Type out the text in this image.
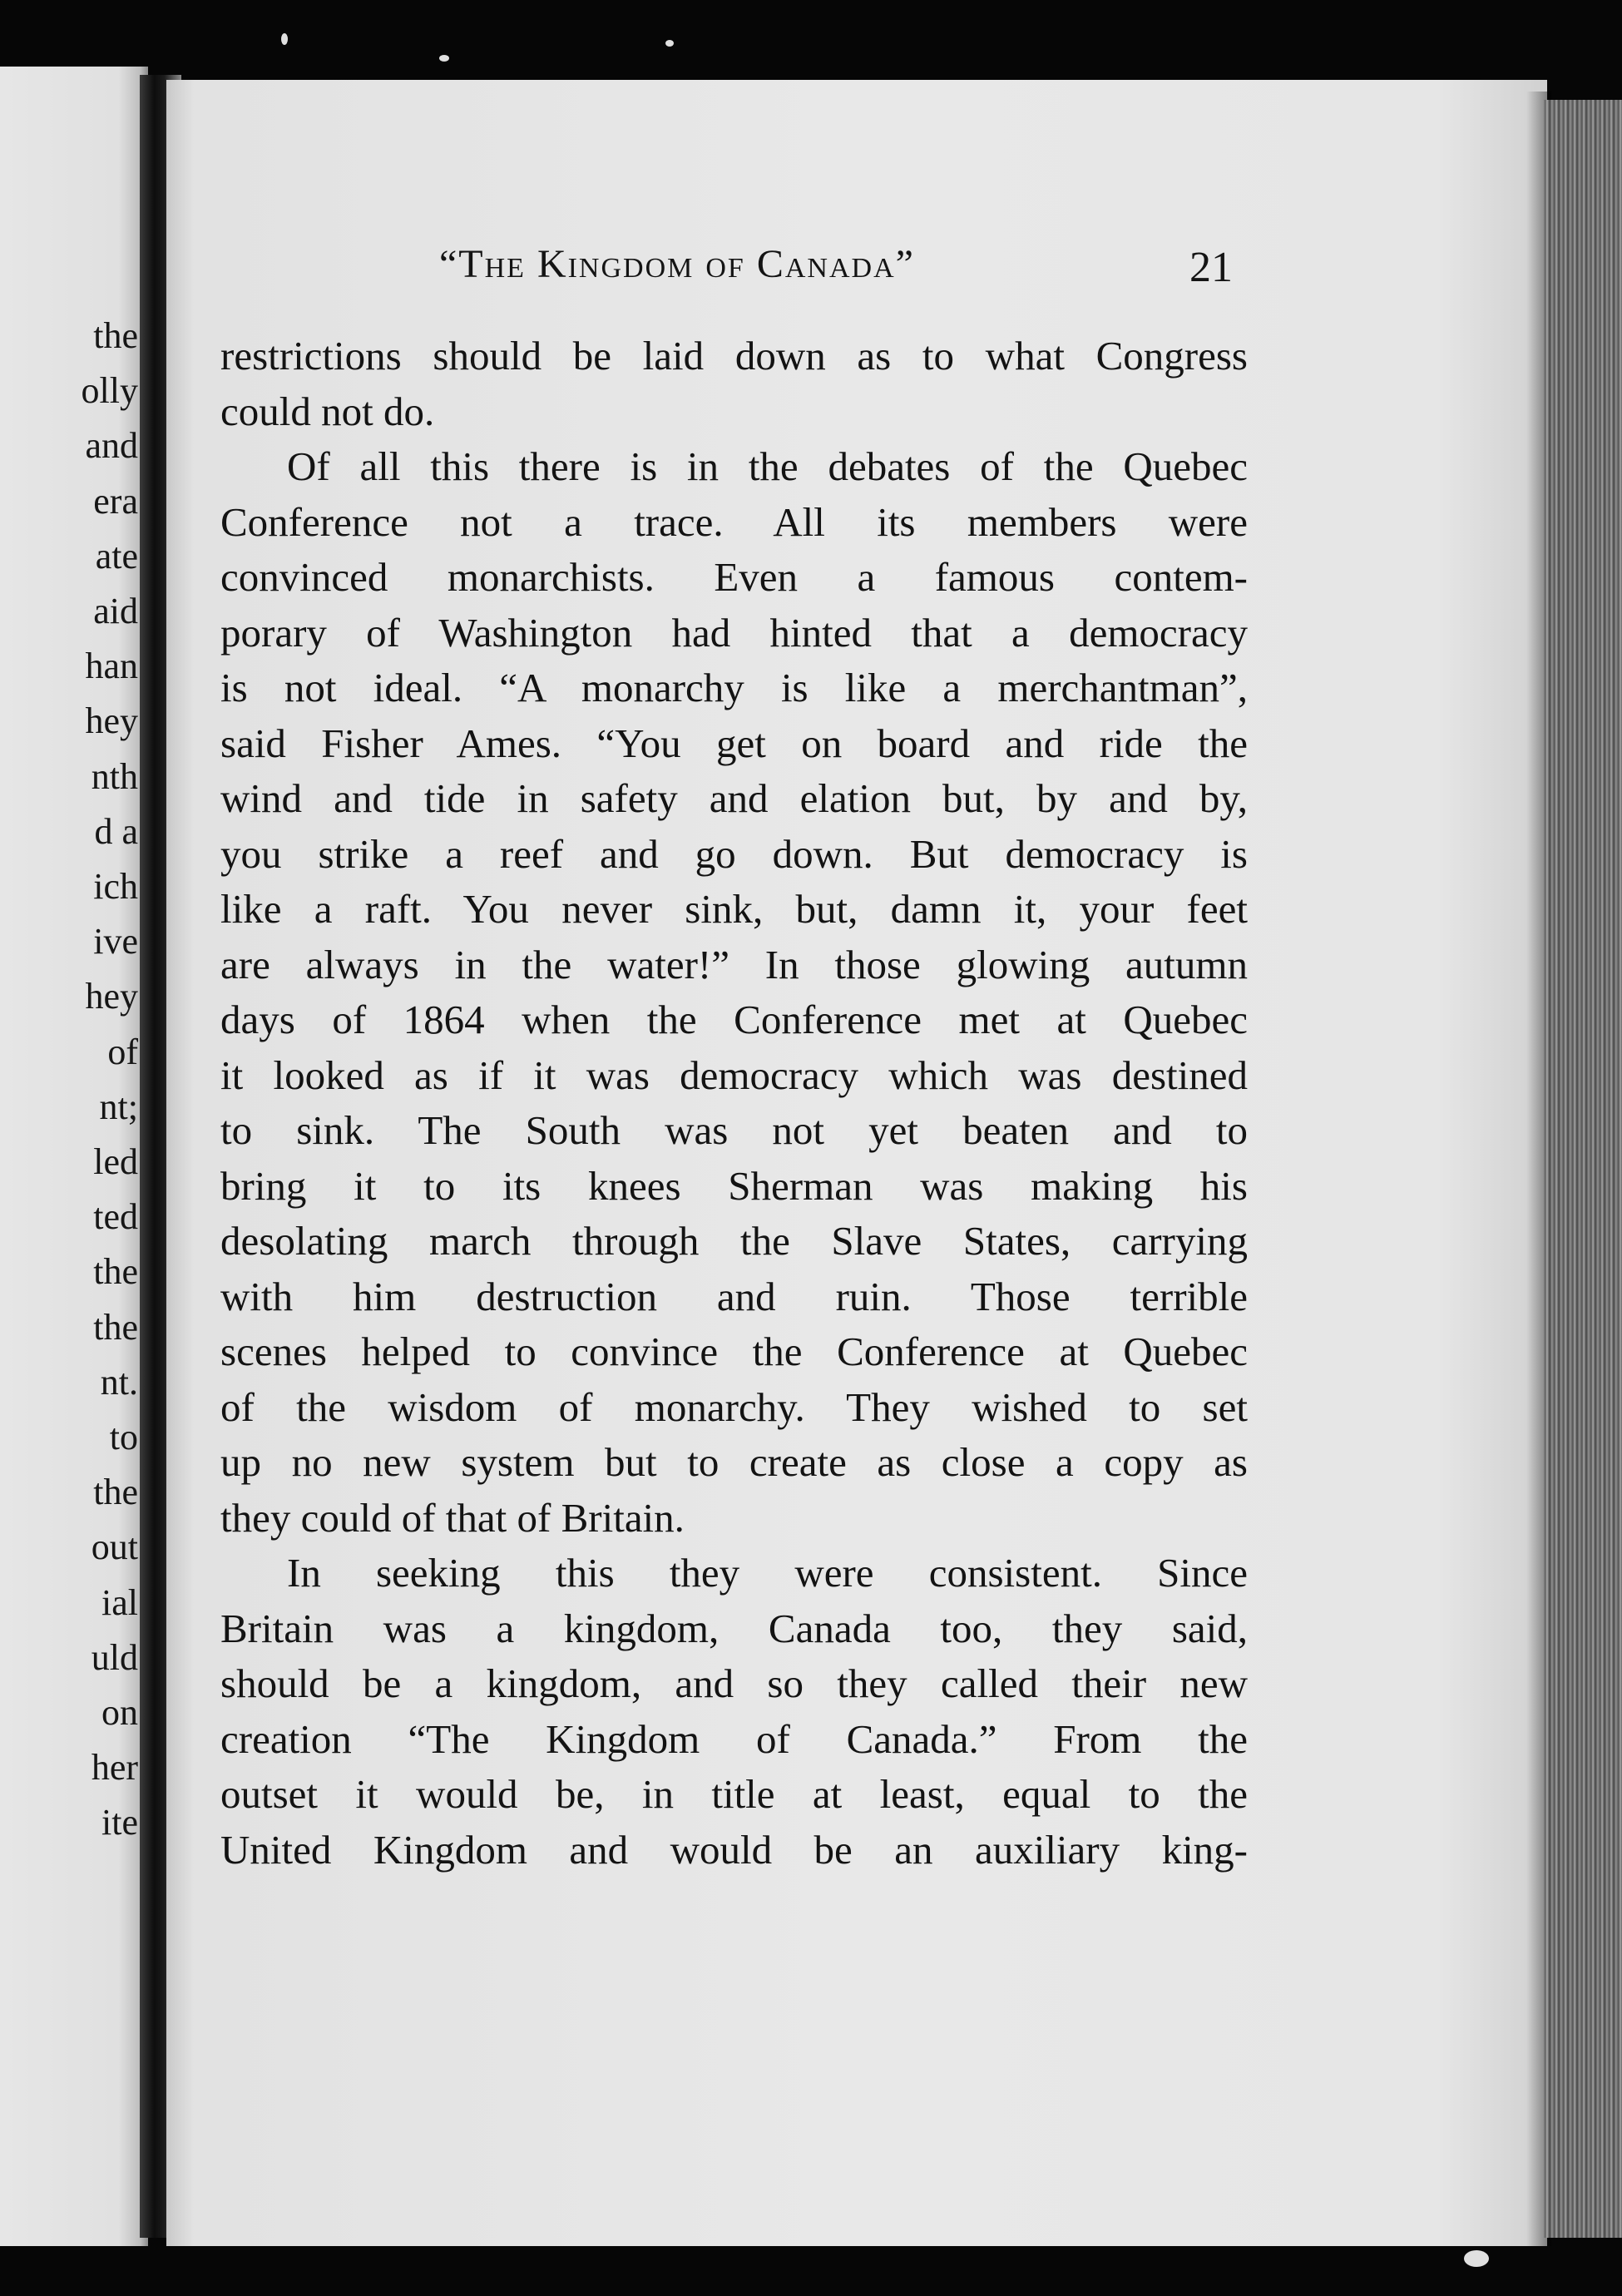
the
olly
and
era
ate
aid
han
hey
nth
d a
ich
ive
hey
of
nt;
led
ted
the
the
nt.
to
the
out
ial
uld
on
her
ite
“The Kingdom of Canada”	21
restrictions should be laid down as to what Congress
could not do.
Of all this there is in the debates of the Quebec
Conference not a trace. All its members were
convinced monarchists. Even a famous contem-
porary of Washington had hinted that a democracy
is not ideal. “A monarchy is like a merchantman”,
said Fisher Ames. “You get on board and ride the
wind and tide in safety and elation but, by and by,
you strike a reef and go down. But democracy is
like a raft. You never sink, but, damn it, your feet
are always in the water!” In those glowing autumn
days of 1864 when the Conference met at Quebec
it looked as if it was democracy which was destined
to sink. The South was not yet beaten and to
bring it to its knees Sherman was making his
desolating march through the Slave States, carrying
with him destruction and ruin. Those terrible
scenes helped to convince the Conference at Quebec
of the wisdom of monarchy. They wished to set
up no new system but to create as close a copy as
they could of that of Britain.
In seeking this they were consistent. Since
Britain was a kingdom, Canada too, they said,
should be a kingdom, and so they called their new
creation “The Kingdom of Canada.” From the
outset it would be, in title at least, equal to the
United Kingdom and would be an auxiliary king-
